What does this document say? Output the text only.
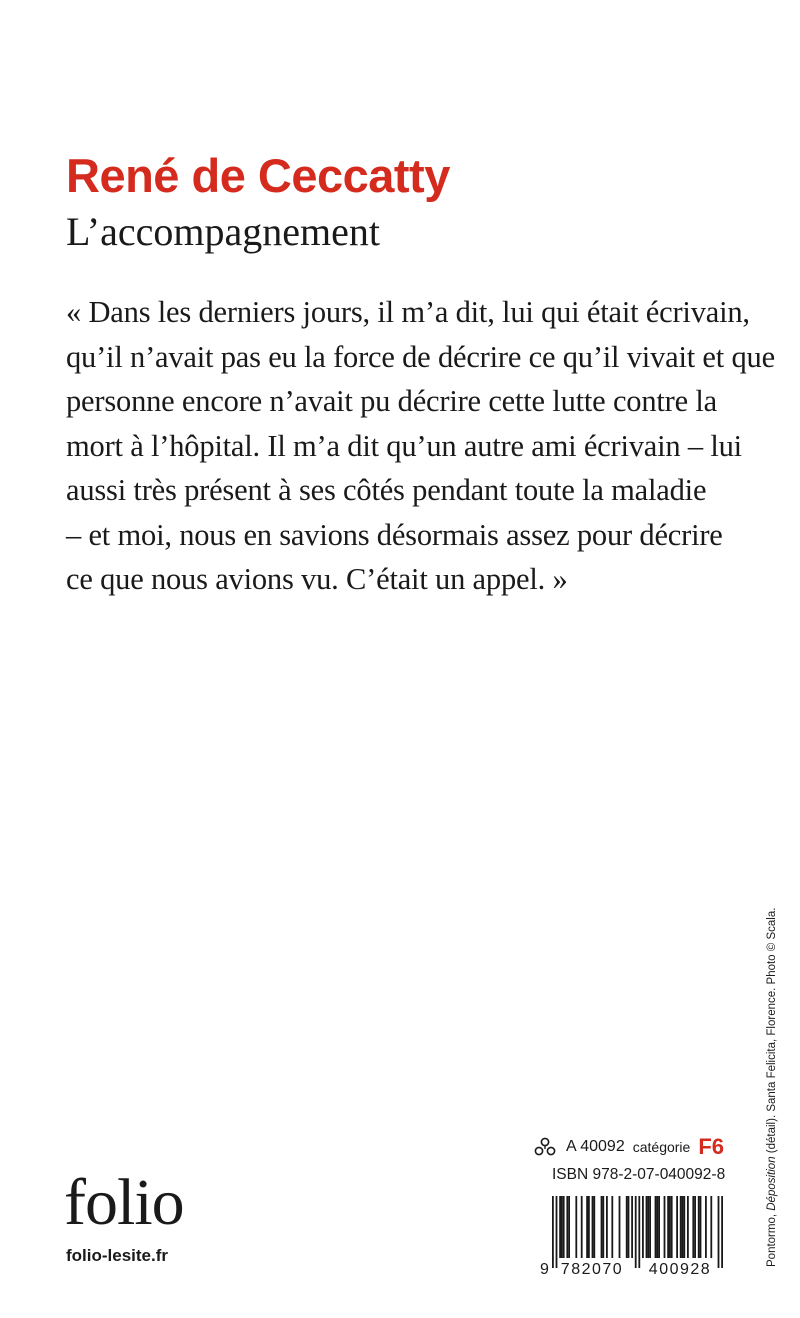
René de Ceccatty
L’accompagnement
« Dans les derniers jours, il m’a dit, lui qui était écrivain,
qu’il n’avait pas eu la force de décrire ce qu’il vivait et que
personne encore n’avait pu décrire cette lutte contre la
mort à l’hôpital. Il m’a dit qu’un autre ami écrivain – lui
aussi très présent à ses côtés pendant toute la maladie
– et moi, nous en savions désormais assez pour décrire
ce que nous avions vu. C’était un appel. »
Pontormo, Déposition (détail). Santa Felicita, Florence. Photo © Scala.
A 40092 catégorie F6
ISBN 978-2-07-040092-8
9 782070 400928
folio
folio-lesite.fr
